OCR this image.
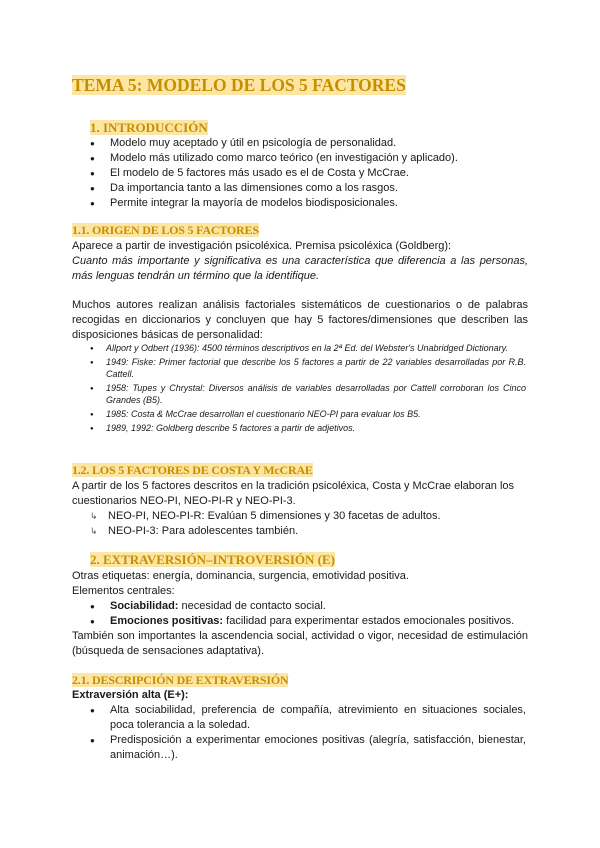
TEMA 5: MODELO DE LOS 5 FACTORES
1. INTRODUCCIÓN
● Modelo muy aceptado y útil en psicología de personalidad.
● Modelo más utilizado como marco teórico (en investigación y aplicado).
● El modelo de 5 factores más usado es el de Costa y McCrae.
● Da importancia tanto a las dimensiones como a los rasgos.
● Permite integrar la mayoría de modelos biodisposicionales.
1.1. ORIGEN DE LOS 5 FACTORES
Aparece a partir de investigación psicoléxica. Premisa psicoléxica (Goldberg):
Cuanto más importante y significativa es una característica que diferencia a las personas, más lenguas tendrán un término que la identifique.
Muchos autores realizan análisis factoriales sistemáticos de cuestionarios o de palabras recogidas en diccionarios y concluyen que hay 5 factores/dimensiones que describen las disposiciones básicas de personalidad:
● Allport y Odbert (1936): 4500 términos descriptivos en la 2ª Ed. del Webster's Unabridged Dictionary.
● 1949: Fiske: Primer factorial que describe los 5 factores a partir de 22 variables desarrolladas por R.B. Cattell.
● 1958: Tupes y Chrystal: Diversos análisis de variables desarrolladas por Cattell corroboran los Cinco Grandes (B5).
● 1985: Costa & McCrae desarrollan el cuestionario NEO-PI para evaluar los B5.
● 1989, 1992: Goldberg describe 5 factores a partir de adjetivos.
1.2. LOS 5 FACTORES DE COSTA Y McCRAE
A partir de los 5 factores descritos en la tradición psicoléxica, Costa y McCrae elaboran los cuestionarios NEO-PI, NEO-PI-R y NEO-PI-3.
↳ NEO-PI, NEO-PI-R: Evalúan 5 dimensiones y 30 facetas de adultos.
↳ NEO-PI-3: Para adolescentes también.
2. EXTRAVERSIÓN–INTROVERSIÓN (E)
Otras etiquetas: energía, dominancia, surgencia, emotividad positiva.
Elementos centrales:
● Sociabilidad: necesidad de contacto social.
● Emociones positivas: facilidad para experimentar estados emocionales positivos.
También son importantes la ascendencia social, actividad o vigor, necesidad de estimulación (búsqueda de sensaciones adaptativa).
2.1. DESCRIPCIÓN DE EXTRAVERSIÓN
Extraversión alta (E+):
● Alta sociabilidad, preferencia de compañía, atrevimiento en situaciones sociales, poca tolerancia a la soledad.
● Predisposición a experimentar emociones positivas (alegría, satisfacción, bienestar, animación…).
